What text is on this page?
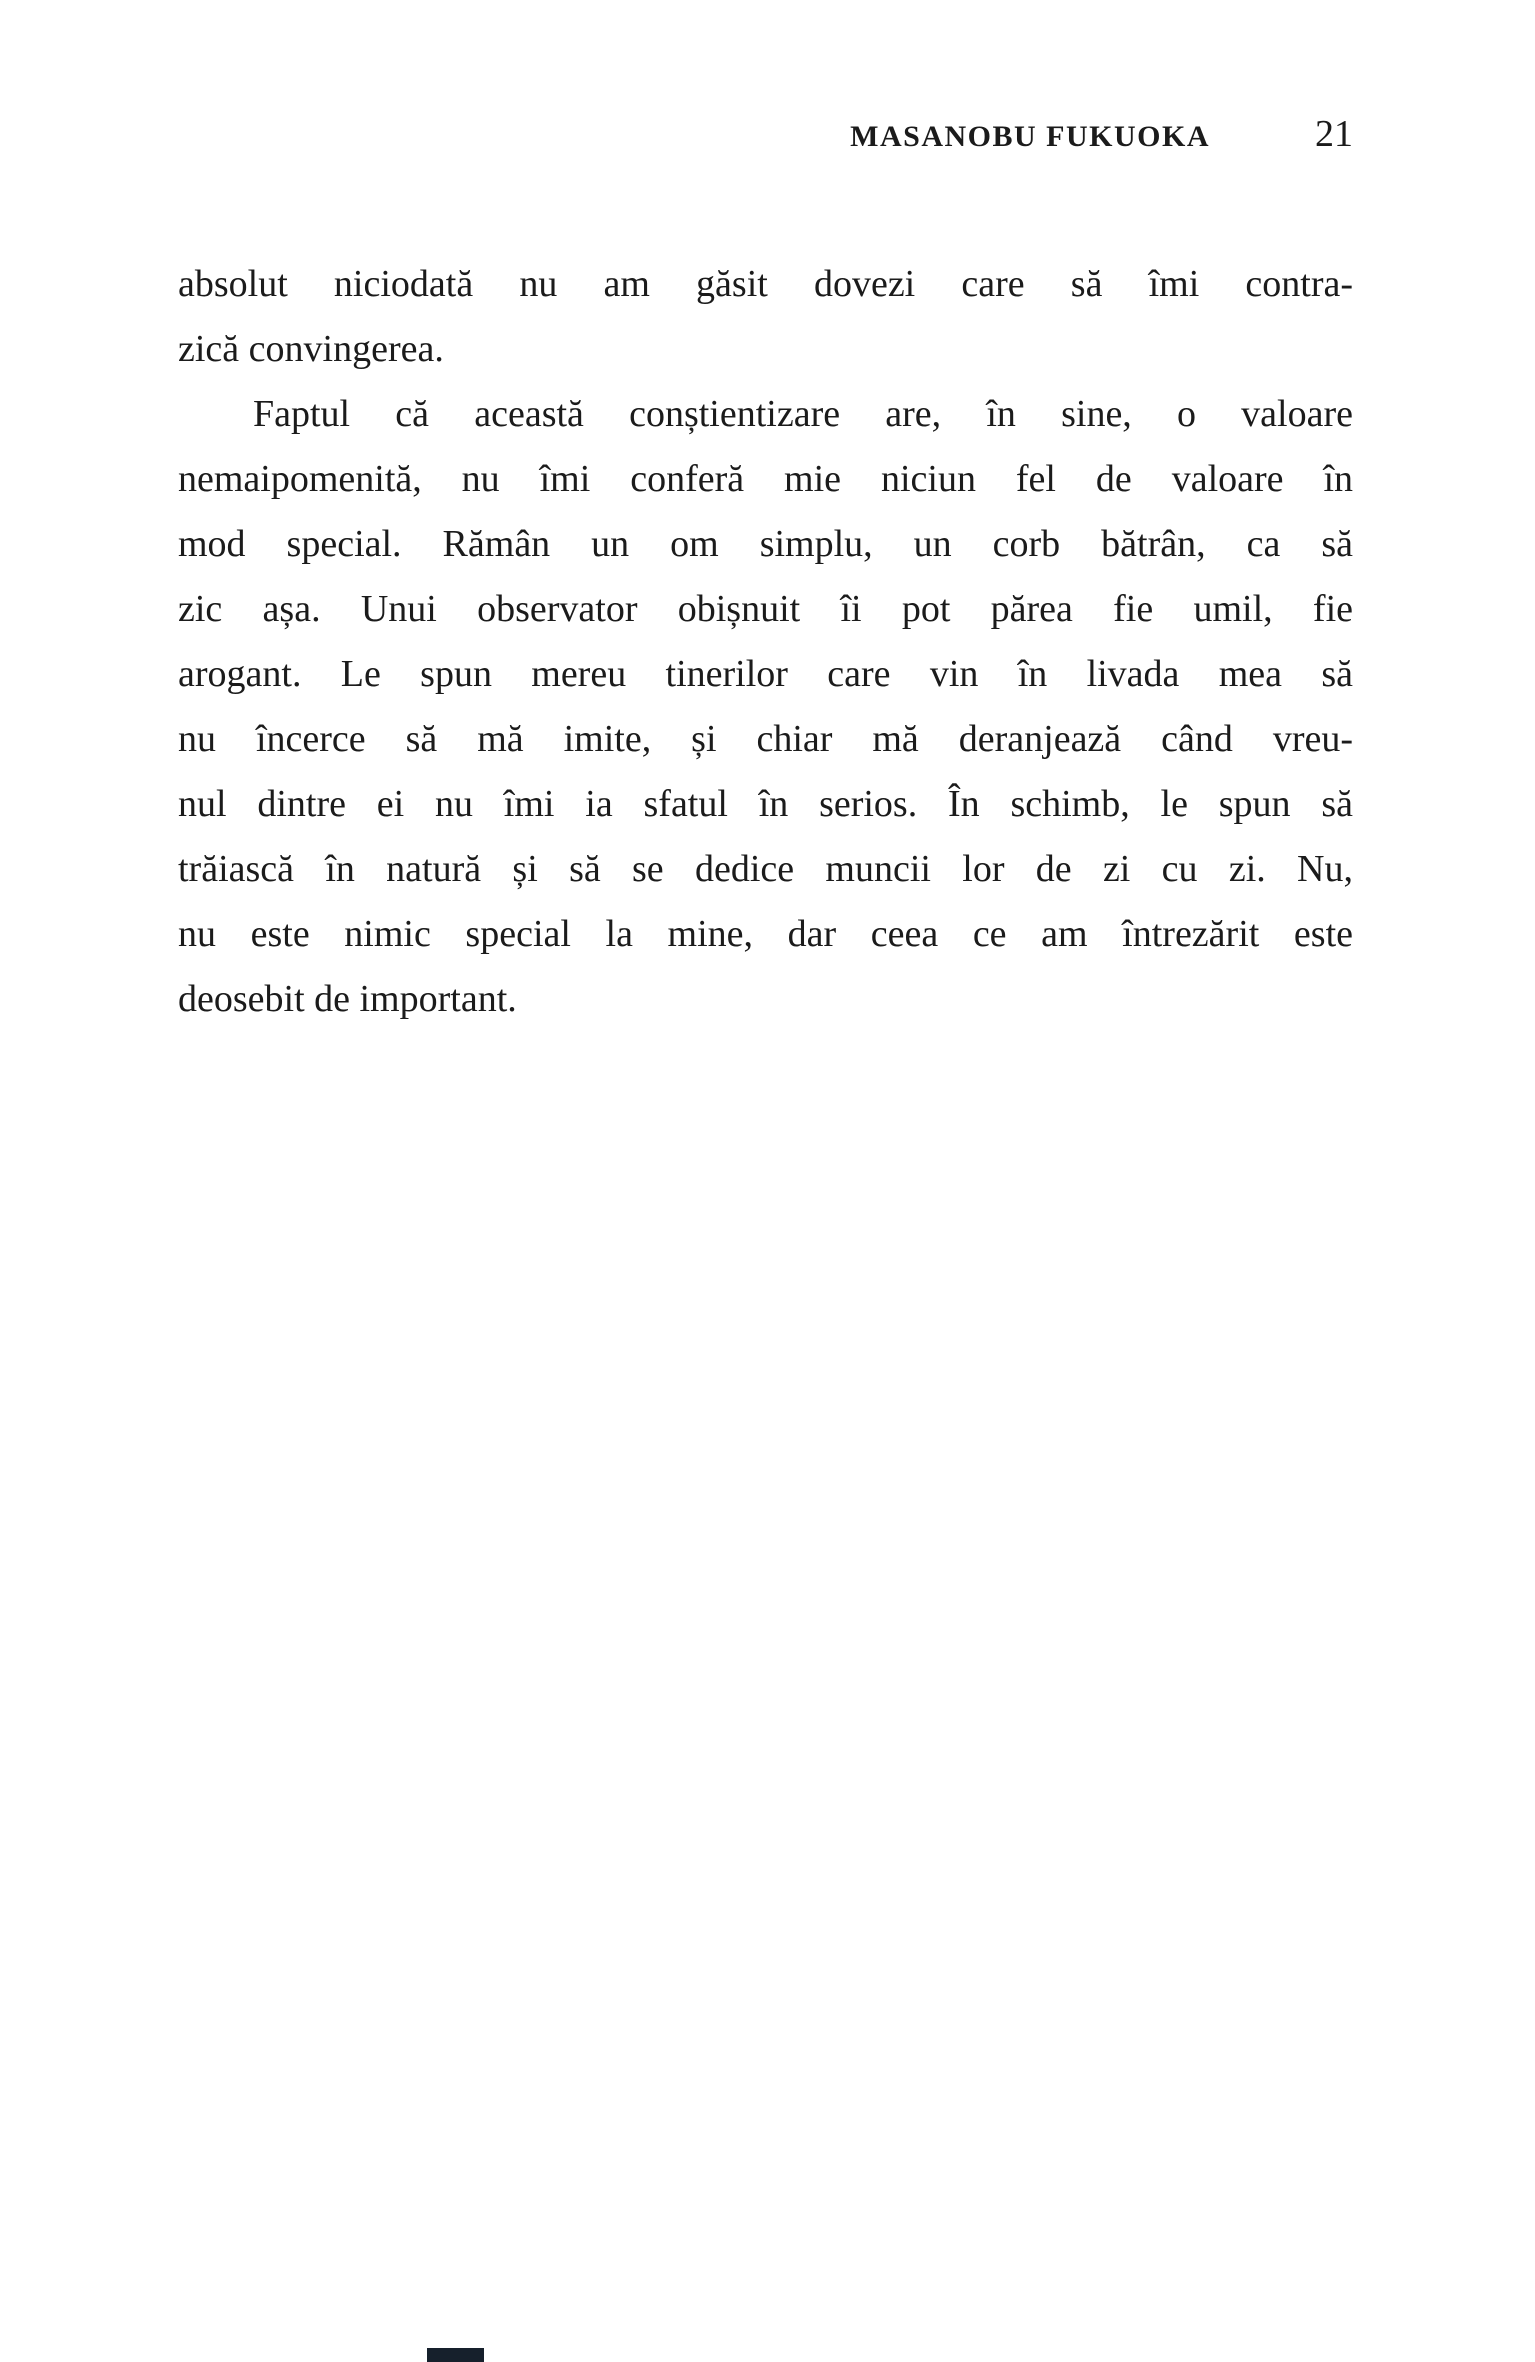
MASANOBU FUKUOKA	21
absolut niciodată nu am găsit dovezi care să îmi contra-
zică convingerea.
Faptul că această conștientizare are, în sine, o valoare
nemaipomenită, nu îmi conferă mie niciun fel de valoare în
mod special. Rămân un om simplu, un corb bătrân, ca să
zic așa. Unui observator obișnuit îi pot părea fie umil, fie
arogant. Le spun mereu tinerilor care vin în livada mea să
nu încerce să mă imite, și chiar mă deranjează când vreu-
nul dintre ei nu îmi ia sfatul în serios. În schimb, le spun să
trăiască în natură și să se dedice muncii lor de zi cu zi. Nu,
nu este nimic special la mine, dar ceea ce am întrezărit este
deosebit de important.
